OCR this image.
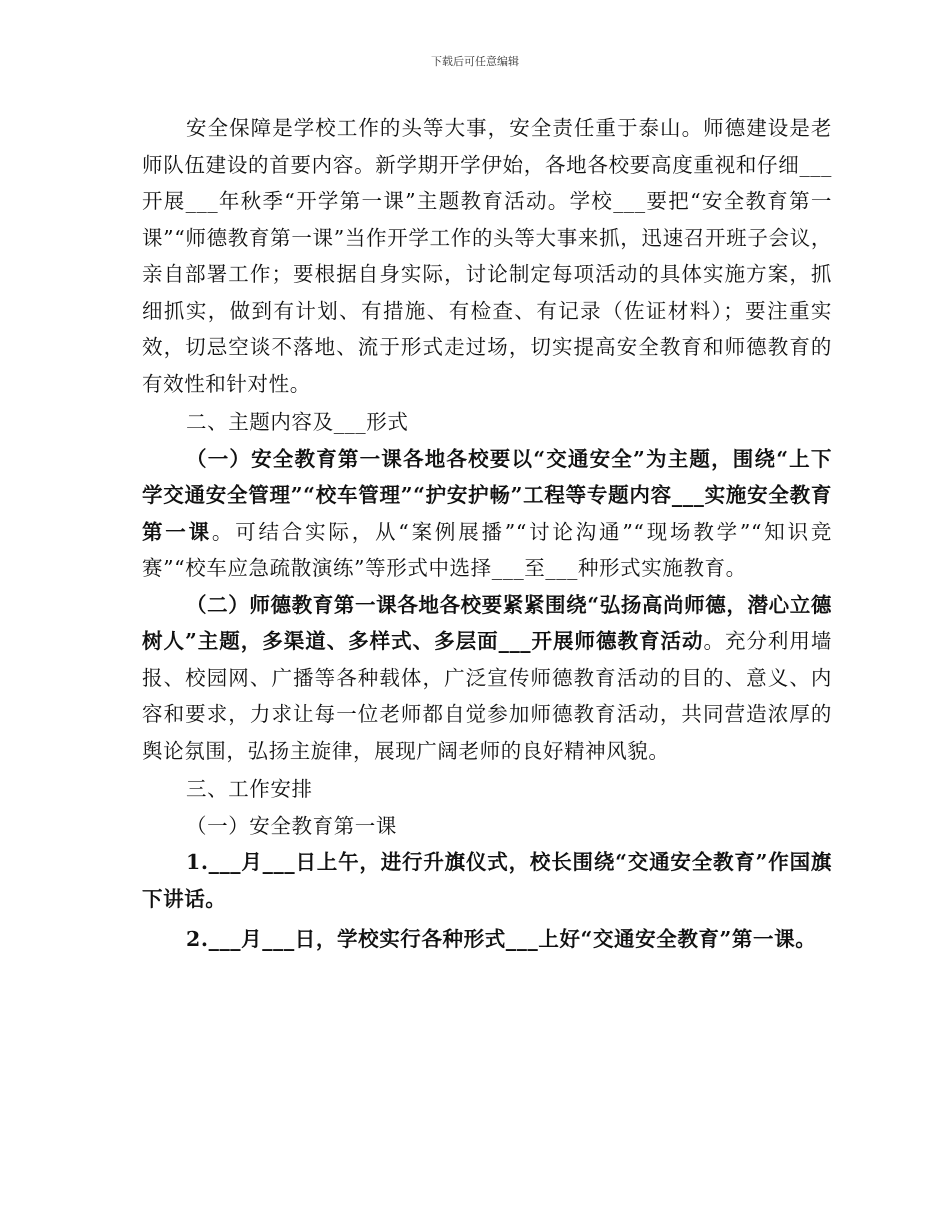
下载后可任意编辑

安全保障是学校工作的头等大事，安全责任重于泰山。师德建设是老师队伍建设的首要内容。新学期开学伊始，各地各校要高度重视和仔细___开展___年秋季“开学第一课”主题教育活动。学校___要把“安全教育第一课”“师德教育第一课”当作开学工作的头等大事来抓，迅速召开班子会议，亲自部署工作；要根据自身实际，讨论制定每项活动的具体实施方案，抓细抓实，做到有计划、有措施、有检查、有记录（佐证材料）；要注重实效，切忌空谈不落地、流于形式走过场，切实提高安全教育和师德教育的有效性和针对性。

二、主题内容及___形式

（一）安全教育第一课各地各校要以“交通安全”为主题，围绕“上下学交通安全管理”“校车管理”“护安护畅”工程等专题内容___实施安全教育第一课。可结合实际，从“案例展播”“讨论沟通”“现场教学”“知识竞赛”“校车应急疏散演练”等形式中选择___至___种形式实施教育。

（二）师德教育第一课各地各校要紧紧围绕“弘扬高尚师德，潜心立德树人”主题，多渠道、多样式、多层面___开展师德教育活动。充分利用墙报、校园网、广播等各种载体，广泛宣传师德教育活动的目的、意义、内容和要求，力求让每一位老师都自觉参加师德教育活动，共同营造浓厚的舆论氛围，弘扬主旋律，展现广阔老师的良好精神风貌。

三、工作安排

（一）安全教育第一课

1.___月___日上午，进行升旗仪式，校长围绕“交通安全教育”作国旗下讲话。

2.___月___日，学校实行各种形式___上好“交通安全教育”第一课。
